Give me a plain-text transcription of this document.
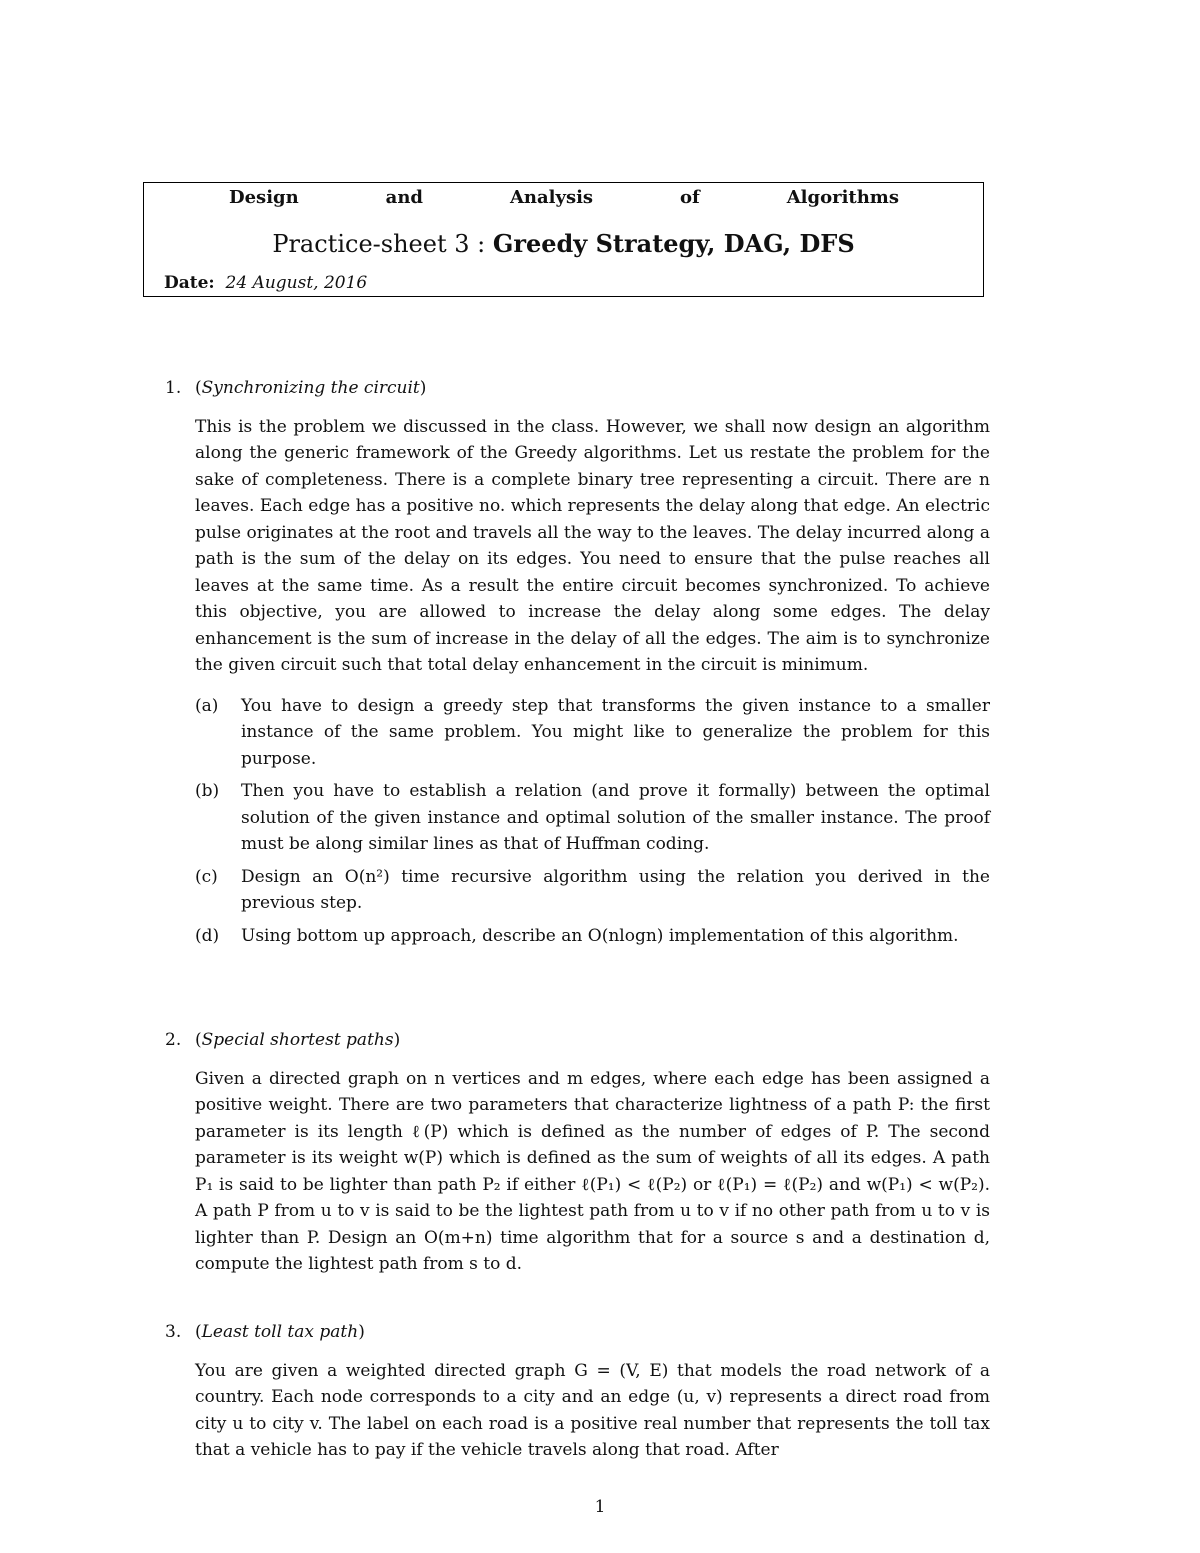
Design	and	Analysis	of	Algorithms
Practice-sheet 3 : Greedy Strategy, DAG, DFS
Date: 24 August, 2016
1.	( Synchronizing the circuit )
This is the problem we discussed in the class. However, we shall now design an algorithm along the generic framework of the Greedy algorithms. Let us restate the problem for the sake of completeness. There is a complete binary tree representing a circuit. There are n leaves. Each edge has a positive no. which represents the delay along that edge. An electric pulse originates at the root and travels all the way to the leaves. The delay incurred along a path is the sum of the delay on its edges. You need to ensure that the pulse reaches all leaves at the same time. As a result the entire circuit becomes synchronized. To achieve this objective, you are allowed to increase the delay along some edges. The delay enhancement is the sum of increase in the delay of all the edges. The aim is to synchronize the given circuit such that total delay enhancement in the circuit is minimum.
(a)	You have to design a greedy step that transforms the given instance to a smaller instance of the same problem. You might like to generalize the problem for this purpose.
(b)	Then you have to establish a relation (and prove it formally) between the optimal solution of the given instance and optimal solution of the smaller instance. The proof must be along similar lines as that of Huffman coding.
(c)	Design an O(n²) time recursive algorithm using the relation you derived in the previous step.
(d)	Using bottom up approach, describe an O(nlogn) implementation of this algorithm.
2.	( Special shortest paths )
Given a directed graph on n vertices and m edges, where each edge has been assigned a positive weight. There are two parameters that characterize lightness of a path P: the first parameter is its length ℓ(P) which is defined as the number of edges of P. The second parameter is its weight w(P) which is defined as the sum of weights of all its edges. A path P₁ is said to be lighter than path P₂ if either ℓ(P₁) < ℓ(P₂) or ℓ(P₁) = ℓ(P₂) and w(P₁) < w(P₂). A path P from u to v is said to be the lightest path from u to v if no other path from u to v is lighter than P. Design an O(m+n) time algorithm that for a source s and a destination d, compute the lightest path from s to d.
3.	( Least toll tax path )
You are given a weighted directed graph G = (V, E) that models the road network of a country. Each node corresponds to a city and an edge (u, v) represents a direct road from city u to city v. The label on each road is a positive real number that represents the toll tax that a vehicle has to pay if the vehicle travels along that road. After
1
